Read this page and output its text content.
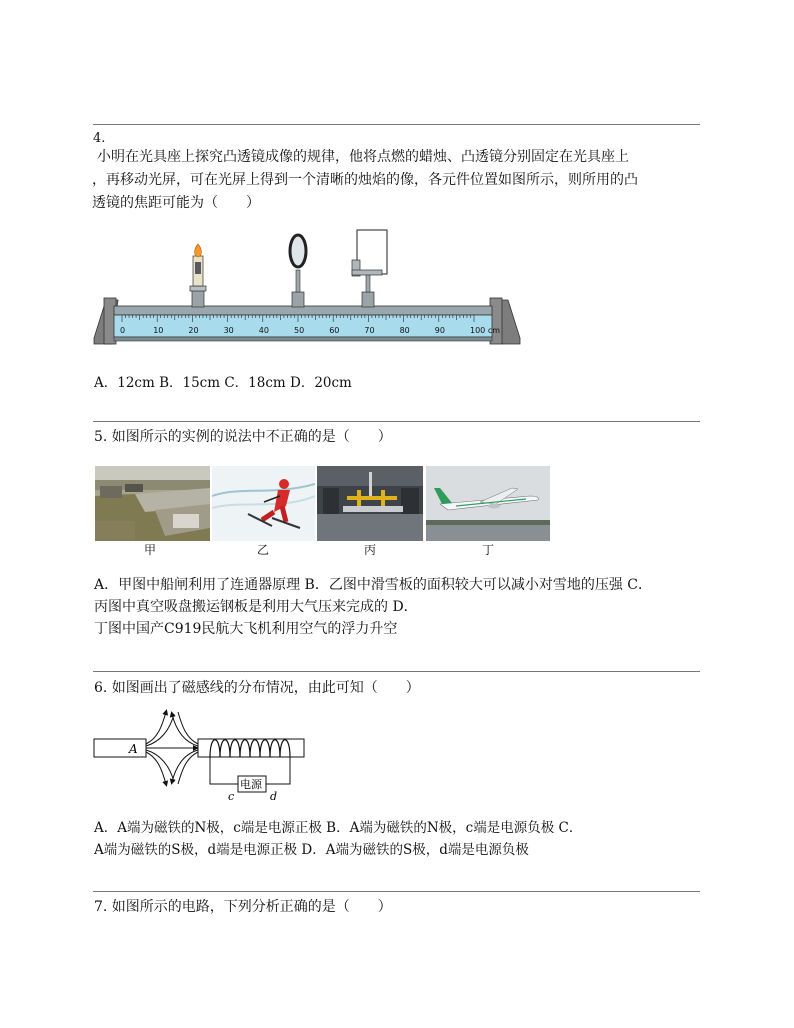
4.
小明在光具座上探究凸透镜成像的规律，他将点燃的蜡烛、凸透镜分别固定在光具座上
，再移动光屏，可在光屏上得到一个清晰的烛焰的像，各元件位置如图所示，则所用的凸
透镜的焦距可能为（　　）
0	10	20	30	40	50	60	70	80	90	100 cm
A．12cm B．15cm C．18cm D．20cm
5. 如图所示的实例的说法中不正确的是（　　）
甲	乙	丙	丁
A．甲图中船闸利用了连通器原理 B．乙图中滑雪板的面积较大可以减小对雪地的压强 C．
丙图中真空吸盘搬运钢板是利用大气压来完成的 D．
丁图中国产C919民航大飞机利用空气的浮力升空
6. 如图画出了磁感线的分布情况，由此可知（　　）
A
电源
c	d
A．A端为磁铁的N极，c端是电源正极 B．A端为磁铁的N极，c端是电源负极 C．
A端为磁铁的S极，d端是电源正极 D．A端为磁铁的S极，d端是电源负极
7. 如图所示的电路，下列分析正确的是（　　）
